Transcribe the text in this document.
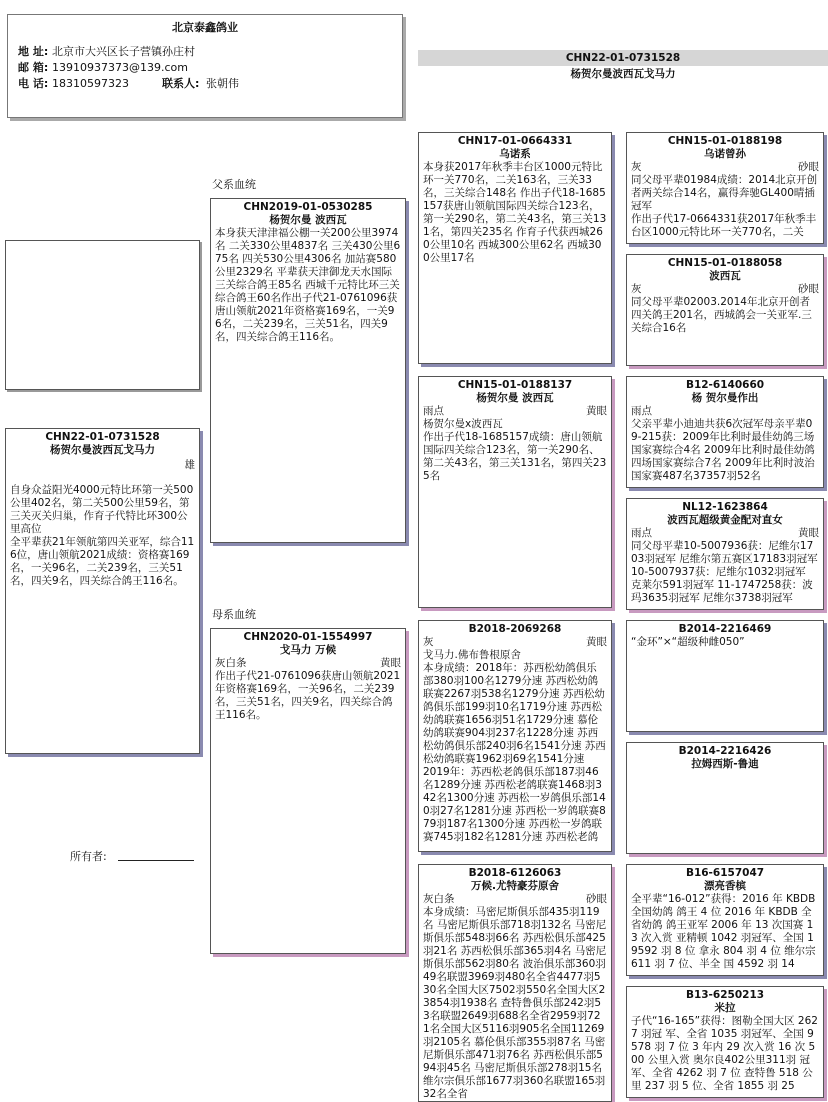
北京泰鑫鸽业
地 址: 北京市大兴区长子营镇孙庄村
邮 箱: 13910937373@139.com
电 话: 18310597323	联系人: 张朝伟
CHN22-01-0731528
杨贺尔曼波西瓦戈马力
CHN22-01-0731528
杨贺尔曼波西瓦戈马力
雄
自身众益阳光4000元特比环第一关500公里402名，第二关500公里59名，第三关灭关归巢，作育子代特比环300公里高位
全平辈获21年领航第四关亚军，综合116位，唐山领航2021成绩：资格赛169名，一关96名，二关239名，三关51名，四关9名，四关综合鸽王116名。
父系血统
母系血统
所有者:
CHN2019-01-0530285
杨贺尔曼 波西瓦
本身获天津津福公棚一关200公里3974名 二关330公里4837名 三关430公里675名 四关530公里4306名 加站赛580公里2329名 平辈获天津御龙天水国际三关综合鸽王85名 西城千元特比环三关综合鸽王60名作出子代21-0761096获唐山领航2021年资格赛169名，一关96名，二关239名，三关51名，四关9名，四关综合鸽王116名。
CHN2020-01-1554997
戈马力 万候
灰白条	黄眼
作出子代21-0761096获唐山领航2021年资格赛169名，一关96名，二关239名，三关51名，四关9名，四关综合鸽王116名。
CHN17-01-0664331
乌诺系
本身获2017年秋季丰台区1000元特比环一关770名，二关163名，三关33名，三关综合148名 作出子代18-1685157获唐山领航国际四关综合123名，第一关290名，第二关43名，第三关131名，第四关235名 作育子代获西城260公里10名 西城300公里62名 西城300公里17名
CHN15-01-0188137
杨贺尔曼 波西瓦
雨点	黄眼
杨贺尔曼x波西瓦
作出子代18-1685157成绩：唐山领航国际四关综合123名，第一关290名、第二关43名，第三关131名，第四关235名
B2018-2069268
灰	黄眼
戈马力.佛布鲁根原舍
本身成绩：2018年：苏西松幼鸽俱乐部380羽100名1279分速 苏西松幼鸽联赛2267羽538名1279分速 苏西松幼鸽俱乐部199羽10名1719分速 苏西松幼鸽联赛1656羽51名1729分速 慕伦幼鸽联赛904羽237名1228分速 苏西松幼鸽俱乐部240羽6名1541分速 苏西松幼鸽联赛1962羽69名1541分速
2019年：苏西松老鸽俱乐部187羽46名1289分速 苏西松老鸽联赛1468羽342名1300分速 苏西松一岁鸽俱乐部140羽27名1281分速 苏西松一岁鸽联赛879羽187名1300分速 苏西松一岁鸽联赛745羽182名1281分速 苏西松老鸽
B2018-6126063
万候.尤特豪芬原舍
灰白条	砂眼
本身成绩：马密尼斯俱乐部435羽119名 马密尼斯俱乐部718羽132名 马密尼斯俱乐部548羽66名 苏西松俱乐部425羽21名 苏西松俱乐部365羽4名 马密尼斯俱乐部562羽80名 波治俱乐部360羽49名联盟3969羽480名全省4477羽530名全国大区7502羽550名全国大区23854羽1938名 查特鲁俱乐部242羽53名联盟2649羽688名全省2959羽721名全国大区5116羽905名全国11269羽2105名 慕伦俱乐部355羽87名 马密尼斯俱乐部471羽76名 苏西松俱乐部594羽45名 马密尼斯俱乐部278羽15名 维尔宗俱乐部1677羽360名联盟165羽32名全省
CHN15-01-0188198
乌诺曾孙
灰	砂眼
同父母平辈01984成绩：2014北京开创者两关综合14名，赢得奔驰GL400晴插冠军
作出子代17-0664331获2017年秋季丰台区1000元特比环一关770名，二关
CHN15-01-0188058
波西瓦
灰	砂眼
同父母平辈02003.2014年北京开创者四关鸽王201名，西城鸽会一关亚军.三关综合16名
B12-6140660
杨 贺尔曼作出
雨点
父亲平辈小迪迪共获6次冠军母亲平辈09-215获：2009年比利时最佳幼鸽三场国家赛综合4名 2009年比利时最佳幼鸽四场国家赛综合7名 2009年比利时波治国家赛487名37357羽52名
NL12-1623864
波西瓦超级黄金配对直女
雨点	黄眼
同父母平辈10-5007936获：尼维尔1703羽冠军 尼维尔第五赛区17183羽冠军 10-5007937获：尼维尔1032羽冠军 克莱尔591羽冠军 11-1747258获：波玛3635羽冠军 尼维尔3738羽冠军
B2014-2216469
“金环”×“超级种雌050”
B2014-2216426
拉姆西斯-鲁迪
B16-6157047
漂亮香槟
全平辈“16-012”获得：2016 年 KBDB 全国幼鸽 鸽王 4 位 2016 年 KBDB 全省幼鸽 鸽王亚军 2006 年 13 次国赛 13 次入赏 亚精顿 1042 羽冠军、全国 19592 羽 8 位 拿永 804 羽 4 位 维尔宗 611 羽 7 位、半全 国 4592 羽 14
B13-6250213
米拉
子代“16-165”获得：图勒全国大区 2627 羽冠 军、全省 1035 羽冠军、全国 9578 羽 7 位 3 年内 29 次入赏 16 次 500 公里入赏 奥尔良402公里311羽 冠 军、全省 4262 羽 7 位 查特鲁 518 公里 237 羽 5 位、全省 1855 羽 25
